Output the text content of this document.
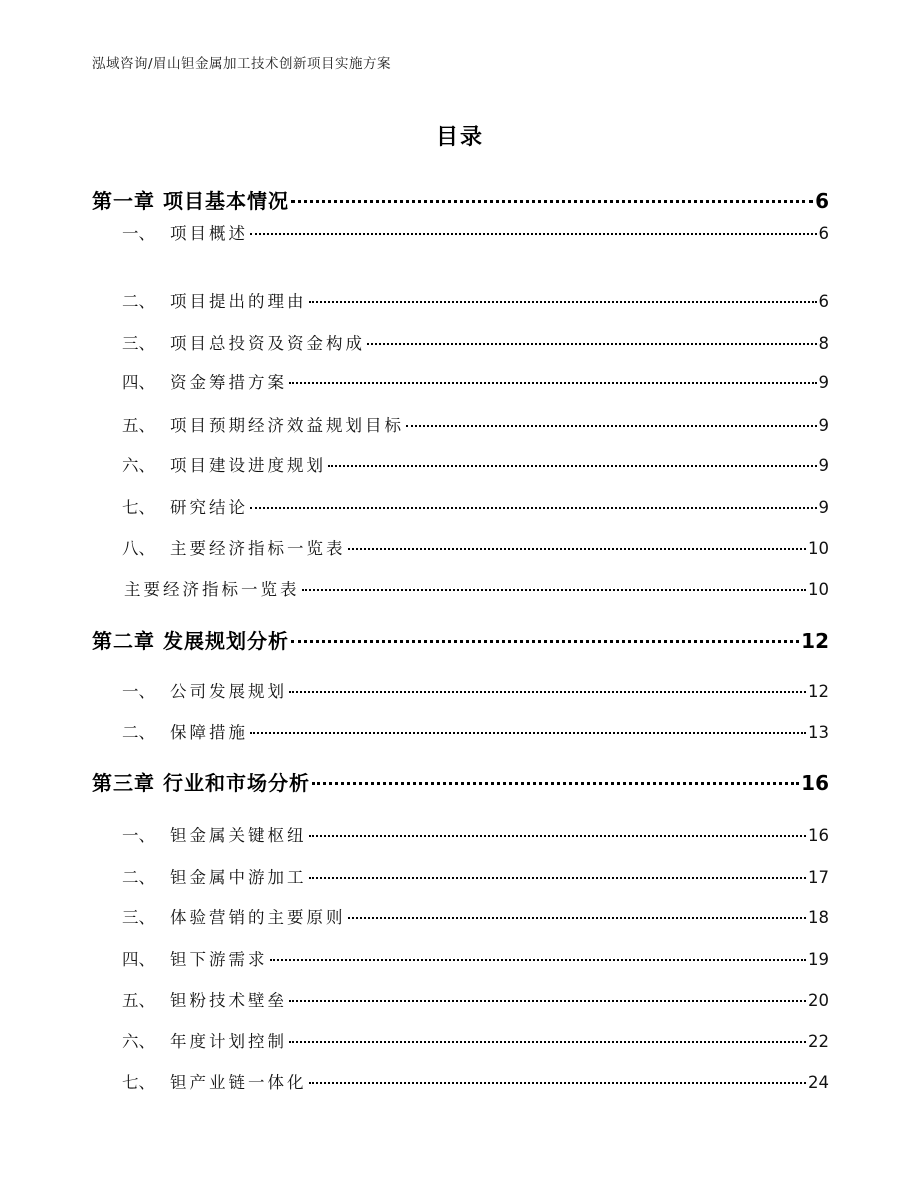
泓域咨询/眉山钽金属加工技术创新项目实施方案
目录
第一章 项目基本情况	6
一、 项目概述	6
二、 项目提出的理由	6
三、 项目总投资及资金构成	8
四、 资金筹措方案	9
五、 项目预期经济效益规划目标	9
六、 项目建设进度规划	9
七、 研究结论	9
八、 主要经济指标一览表	10
主要经济指标一览表	10
第二章 发展规划分析	12
一、 公司发展规划	12
二、 保障措施	13
第三章 行业和市场分析	16
一、 钽金属关键枢纽	16
二、 钽金属中游加工	17
三、 体验营销的主要原则	18
四、 钽下游需求	19
五、 钽粉技术壁垒	20
六、 年度计划控制	22
七、 钽产业链一体化	24
